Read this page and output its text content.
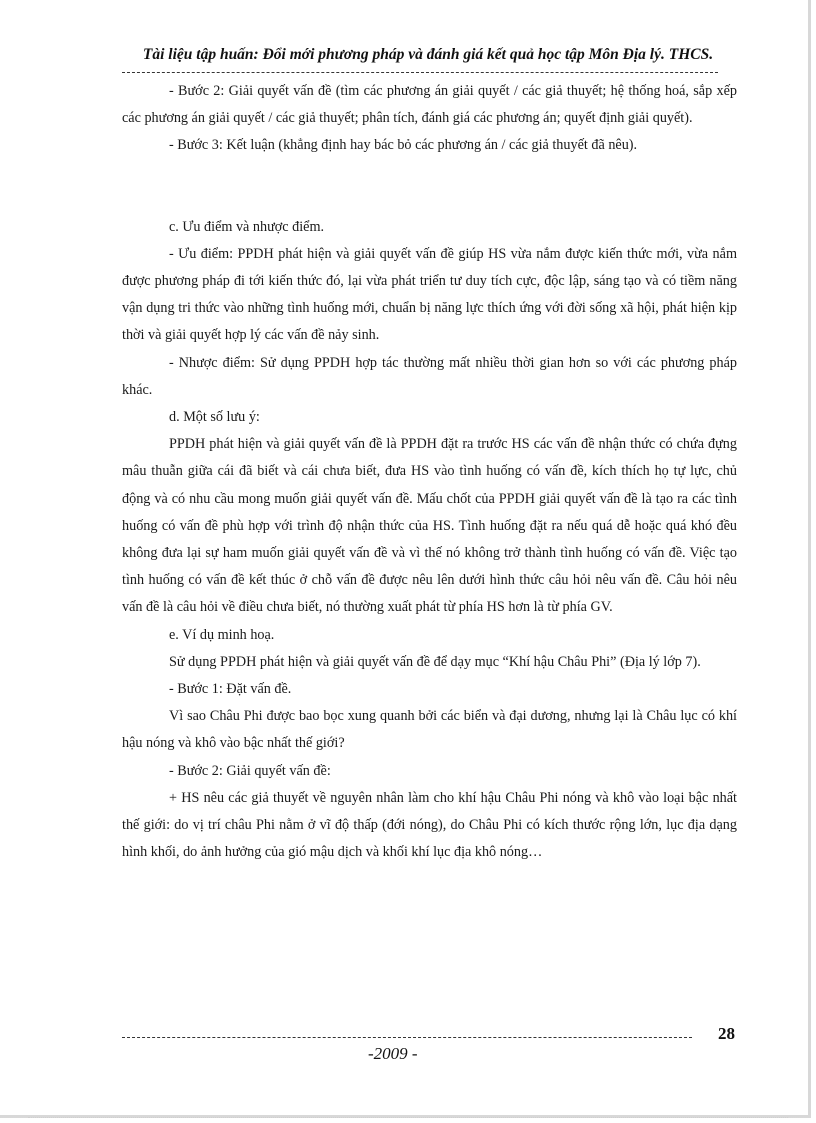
Tài liệu tập huấn: Đổi mới phương pháp và đánh giá kết quả học tập Môn Địa lý. THCS.

- Bước 2: Giải quyết vấn đề (tìm các phương án giải quyết / các giả thuyết; hệ thống hoá, sắp xếp các phương án giải quyết / các giả thuyết; phân tích, đánh giá các phương án; quyết định giải quyết).

- Bước 3: Kết luận (khẳng định hay bác bỏ các phương án / các giả thuyết đã nêu).

c. Ưu điểm và nhược điểm.

- Ưu điểm: PPDH phát hiện và giải quyết vấn đề giúp HS vừa nắm được kiến thức mới, vừa nắm được phương pháp đi tới kiến thức đó, lại vừa phát triển tư duy tích cực, độc lập, sáng tạo và có tiềm năng vận dụng tri thức vào những tình huống mới, chuẩn bị năng lực thích ứng với đời sống xã hội, phát hiện kịp thời và giải quyết hợp lý các vấn đề nảy sinh.

- Nhược điểm: Sử dụng PPDH hợp tác thường mất nhiều thời gian hơn so với các phương pháp khác.

d. Một số lưu ý:

PPDH phát hiện và giải quyết vấn đề là PPDH đặt ra trước HS các vấn đề nhận thức có chứa đựng mâu thuẫn giữa cái đã biết và cái chưa biết, đưa HS vào tình huống có vấn đề, kích thích họ tự lực, chủ động và có nhu cầu mong muốn giải quyết vấn đề. Mấu chốt của PPDH giải quyết vấn đề là tạo ra các tình huống có vấn đề phù hợp với trình độ nhận thức của HS. Tình huống đặt ra nếu quá dễ hoặc quá khó đều không đưa lại sự ham muốn giải quyết vấn đề và vì thế nó không trở thành tình huống có vấn đề. Việc tạo tình huống có vấn đề kết thúc ở chỗ vấn đề được nêu lên dưới hình thức câu hỏi nêu vấn đề. Câu hỏi nêu vấn đề là câu hỏi về điều chưa biết, nó thường xuất phát từ phía HS hơn là từ phía GV.

e. Ví dụ minh hoạ.

Sử dụng PPDH phát hiện và giải quyết vấn đề để dạy mục “Khí hậu Châu Phi” (Địa lý lớp 7).

- Bước 1: Đặt vấn đề.

Vì sao Châu Phi được bao bọc xung quanh bởi các biển và đại dương, nhưng lại là Châu lục có khí hậu nóng và khô vào bậc nhất thế giới?

- Bước 2: Giải quyết vấn đề:

+ HS nêu các giả thuyết về nguyên nhân làm cho khí hậu Châu Phi nóng và khô vào loại bậc nhất thế giới: do vị trí châu Phi nằm ở vĩ độ thấp (đới nóng), do Châu Phi có kích thước rộng lớn, lục địa dạng hình khối, do ảnh hưởng của gió mậu dịch và khối khí lục địa khô nóng…

28
-2009 -
